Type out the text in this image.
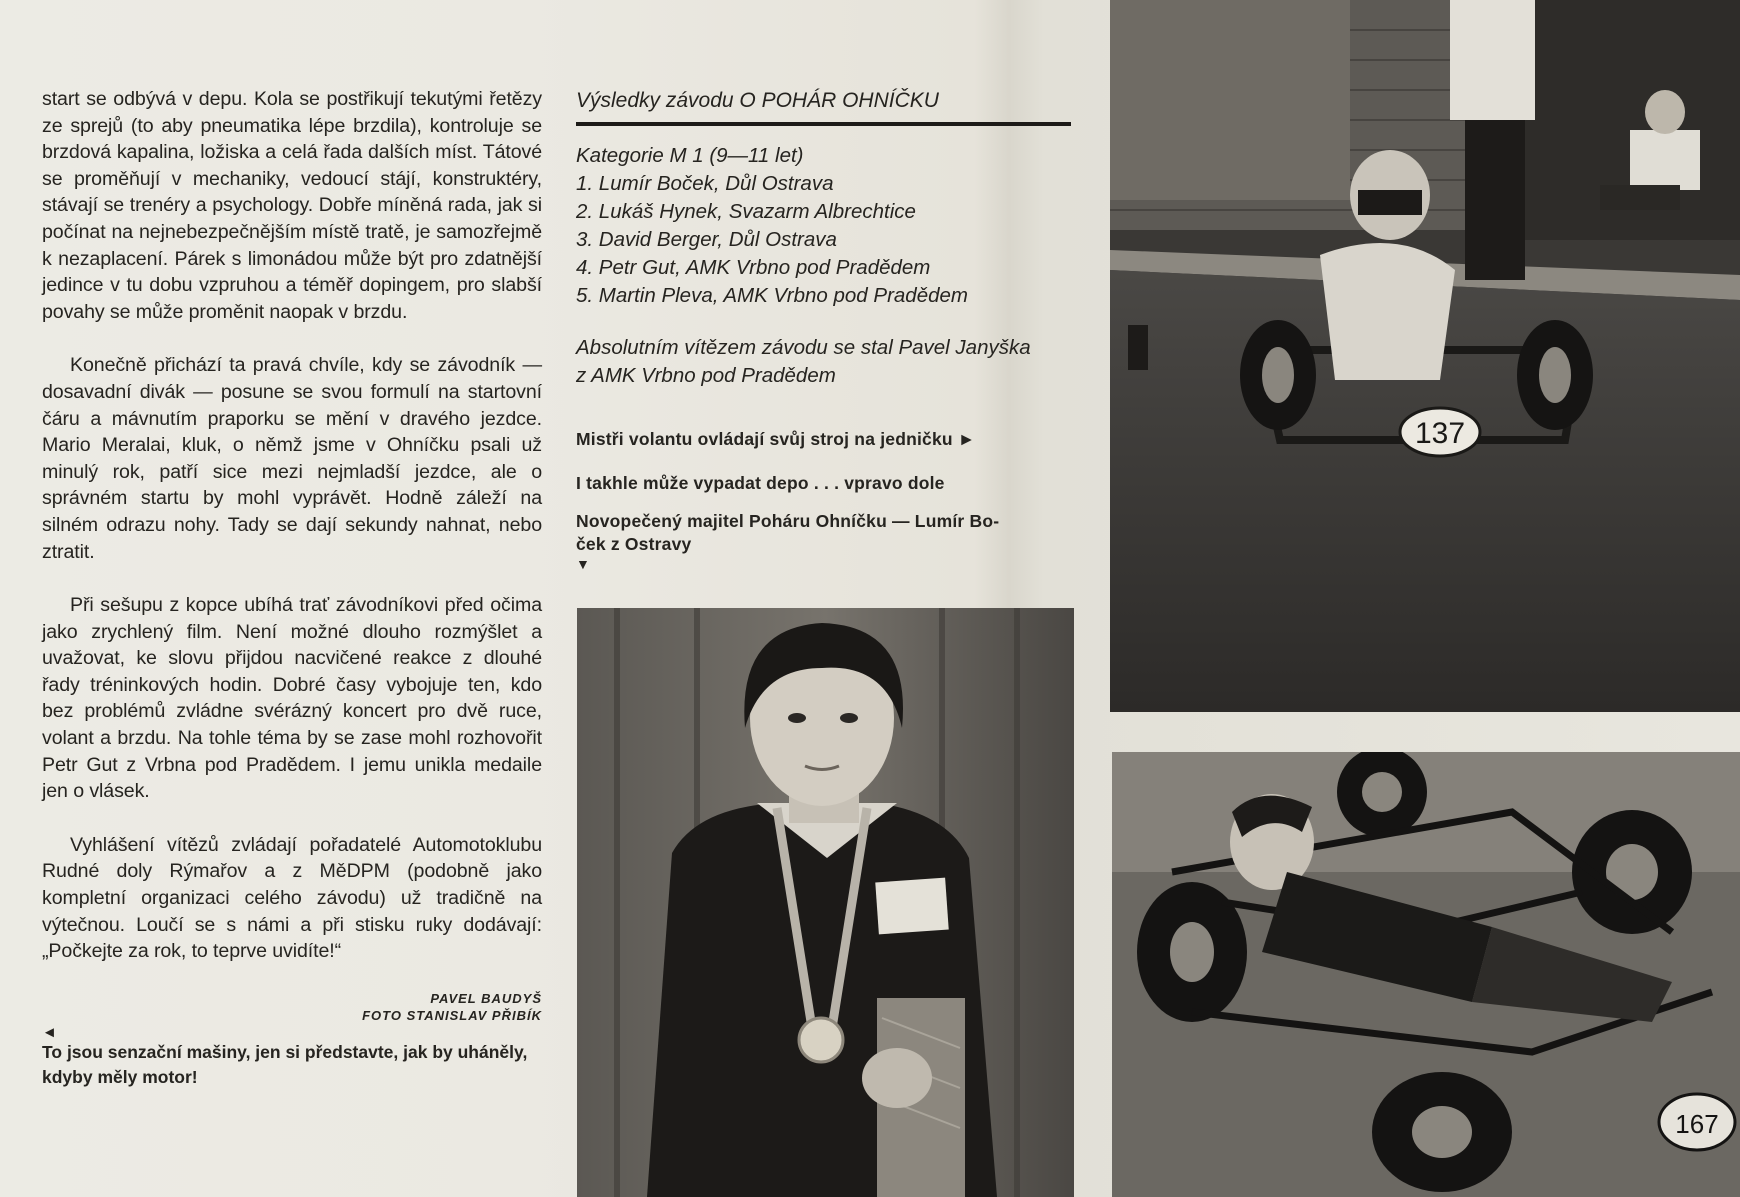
start se odbývá v depu. Kola se postřikují tekutými řetězy ze sprejů (to aby pneumatika lépe brzdila), kontroluje se brzdová kapalina, ložiska a celá řada dalších míst. Tátové se proměňují v mechaniky, vedoucí stájí, konstruktéry, stávají se trenéry a psychology. Dobře míněná rada, jak si počínat na nejnebezpečnějším místě tratě, je samozřejmě k nezaplacení. Párek s limonádou může být pro zdatnější jedince v tu dobu vzpruhou a téměř dopingem, pro slabší povahy se může proměnit naopak v brzdu.

Konečně přichází ta pravá chvíle, kdy se závodník — dosavadní divák — posune se svou formulí na startovní čáru a mávnutím praporku se mění v dravého jezdce. Mario Meralai, kluk, o němž jsme v Ohníčku psali už minulý rok, patří sice mezi nejmladší jezdce, ale o správném startu by mohl vyprávět. Hodně záleží na silném odrazu nohy. Tady se dají sekundy nahnat, nebo ztratit.

Při sešupu z kopce ubíhá trať závodníkovi před očima jako zrychlený film. Není možné dlouho rozmýšlet a uvažovat, ke slovu přijdou nacvičené reakce z dlouhé řady tréninkových hodin. Dobré časy vybojuje ten, kdo bez problémů zvládne svérázný koncert pro dvě ruce, volant a brzdu. Na tohle téma by se zase mohl rozhovořit Petr Gut z Vrbna pod Pradědem. I jemu unikla medaile jen o vlásek.

Vyhlášení vítězů zvládají pořadatelé Automotoklubu Rudné doly Rýmařov a z MěDPM (podobně jako kompletní organizaci celého závodu) už tradičně na výtečnou. Loučí se s námi a při stisku ruky dodávají: „Počkejte za rok, to teprve uvidíte!“

PAVEL BAUDYŠ
FOTO STANISLAV PŘIBÍK
◄
To jsou senzační mašiny, jen si představte, jak by uháněly, kdyby měly motor!
Výsledky závodu O POHÁR OHNÍČKU
Kategorie M 1 (9—11 let)
1. Lumír Boček, Důl Ostrava
2. Lukáš Hynek, Svazarm Albrechtice
3. David Berger, Důl Ostrava
4. Petr Gut, AMK Vrbno pod Pradědem
5. Martin Pleva, AMK Vrbno pod Pradědem
Absolutním vítězem závodu se stal Pavel Janyška
z AMK Vrbno pod Pradědem
Mistři volantu ovládají svůj stroj na jedničku ►
I takhle může vypadat depo . . . vpravo dole
Novopečený majitel Poháru Ohníčku — Lumír Bo-
ček z Ostravy
▼
137
167
